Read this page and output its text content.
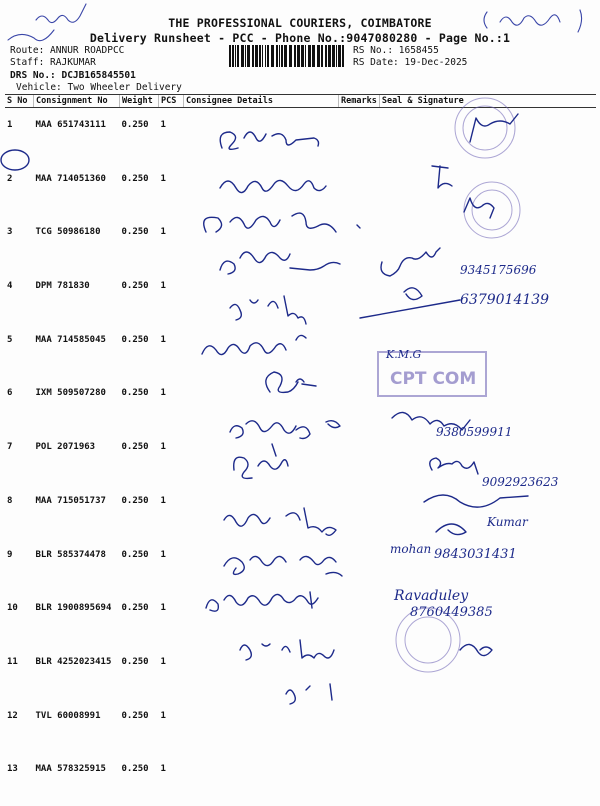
THE PROFESSIONAL COURIERS, COIMBATORE
Delivery Runsheet - PCC - Phone No.:9047080280 - Page No.:1
Route: ANNUR ROADPCC
Staff: RAJKUMAR
DRS No.: DCJB165845501
Vehicle: Two Wheeler Delivery
RS No.: 1658455
RS Date: 19-Dec-2025
S No	Consignment No	Weight	PCS	Consignee Details	Remarks	Seal & Signature
1	MAA 651743111	0.250	1			
2	MAA 714051360	0.250	1			
3	TCG 50986180	0.250	1			
4	DPM 781830	0.250	1			
5	MAA 714585045	0.250	1			
6	IXM 509507280	0.250	1			
7	POL 2071963	0.250	1			
8	MAA 715051737	0.250	1			
9	BLR 585374478	0.250	1			
10	BLR 1900895694	0.250	1			
11	BLR 4252023415	0.250	1			
12	TVL 60008991	0.250	1			
13	MAA 578325915	0.250	1			
CPT COM
9345175696
6379014139
9380599911
9092923623
9843031431
8760449385
mohan
Kumar
Ravaduley
K.M.G
